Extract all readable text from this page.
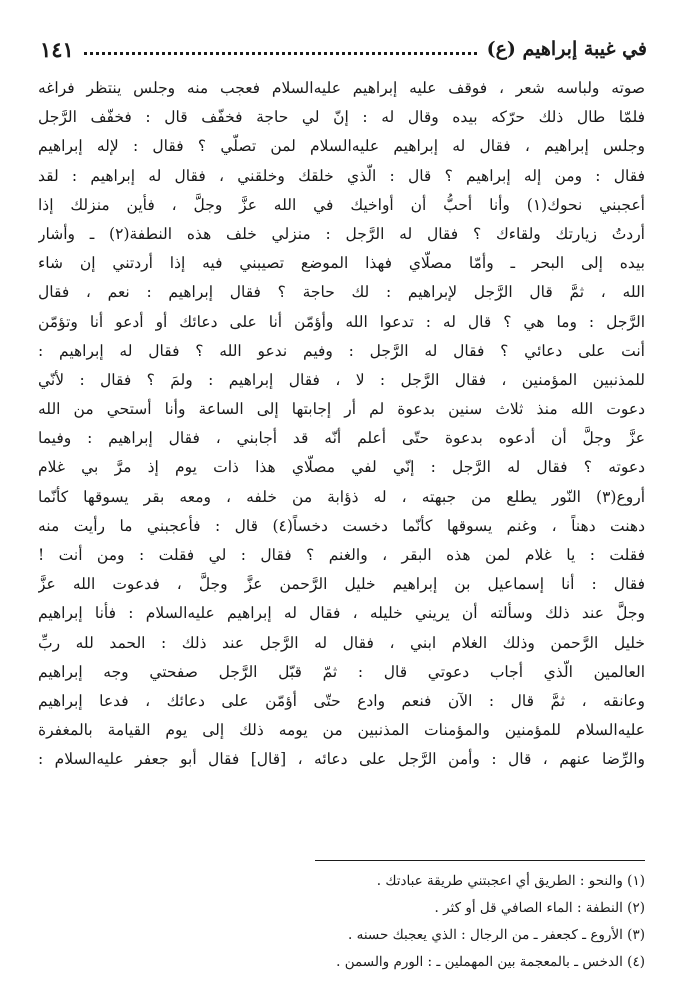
في غيبة إبراهيم (ع)
١٤١
صوته ولباسه شعر ، فوقف عليه إبراهيم عليه‌السلام فعجب منه وجلس ينتظر فراغه
فلمّا طال ذلك حرّكه بيده وقال له : إنّ لي حاجة فخفّف قال : فخفّف الرَّجل
وجلس إبراهيم ، فقال له إبراهيم عليه‌السلام لمن تصلّي ؟ فقال : لإله إبراهيم
فقال : ومن إله إبراهيم ؟ قال : الّذي خلقك وخلقني ، فقال له إبراهيم : لقد
أعجبني نحوك(١) وأنا أحبُّ أن أواخيك في الله عزَّ وجلَّ ، فأين منزلك إذا
أردتُ زيارتك ولقاءك ؟ فقال له الرَّجل : منزلي خلف هذه النطفة(٢) ـ وأشار
بيده إلى البحر ـ وأمّا مصلّاي فهذا الموضع تصيبني فيه إذا أردتني إن شاء
الله ، ثمَّ قال الرَّجل لإبراهيم : لك حاجة ؟ فقال إبراهيم : نعم ، فقال
الرَّجل : وما هي ؟ قال له : تدعوا الله وأؤمّن أنا على دعائك أو أدعو أنا وتؤمّن
أنت على دعائي ؟ فقال له الرَّجل : وفيم ندعو الله ؟ فقال له إبراهيم :
للمذنبين المؤمنين ، فقال الرَّجل : لا ، فقال إبراهيم : ولمَ ؟ فقال : لأنّي
دعوت الله منذ ثلاث سنين بدعوة لم أر إجابتها إلى الساعة وأنا أستحي من الله
عزَّ وجلَّ أن أدعوه بدعوة حتّى أعلم أنّه قد أجابني ، فقال إبراهيم : وفيما
دعوته ؟ فقال له الرَّجل : إنّي لفي مصلّاي هذا ذات يوم إذ مرَّ بي غلام
أروع(٣) النّور يطلع من جبهته ، له ذؤابة من خلفه ، ومعه بقر يسوقها كأنّما
دهنت دهناً ، وغنم يسوقها كأنّما دخست دخساً(٤) قال : فأعجبني ما رأيت منه
فقلت : يا غلام لمن هذه البقر ، والغنم ؟ فقال : لي فقلت : ومن أنت !
فقال : أنا إسماعيل بن إبراهيم خليل الرَّحمن عزَّ وجلَّ ، فدعوت الله عزَّ
وجلَّ عند ذلك وسألته أن يريني خليله ، فقال له إبراهيم عليه‌السلام : فأنا إبراهيم
خليل الرَّحمن وذلك الغلام ابني ، فقال له الرَّجل عند ذلك : الحمد لله ربِّ
العالمين الّذي أجاب دعوتي قال : ثمّ قبّل الرَّجل صفحتي وجه إبراهيم
وعانقه ، ثمَّ قال : الآن فنعم وادع حتّى أؤمّن على دعائك ، فدعا إبراهيم
عليه‌السلام للمؤمنين والمؤمنات المذنبين من يومه ذلك إلى يوم القيامة بالمغفرة
والرِّضا عنهم ، قال : وأمن الرَّجل على دعائه ، [قال] فقال أبو جعفر عليه‌السلام :
(١) والنحو : الطريق أي اعجبتني طريقة عبادتك .
(٢) النطفة : الماء الصافي قل أو كثر .
(٣) الأروع ـ كجعفر ـ من الرجال : الذي يعجبك حسنه .
(٤) الدخس ـ بالمعجمة بين المهملين ـ : الورم والسمن .
